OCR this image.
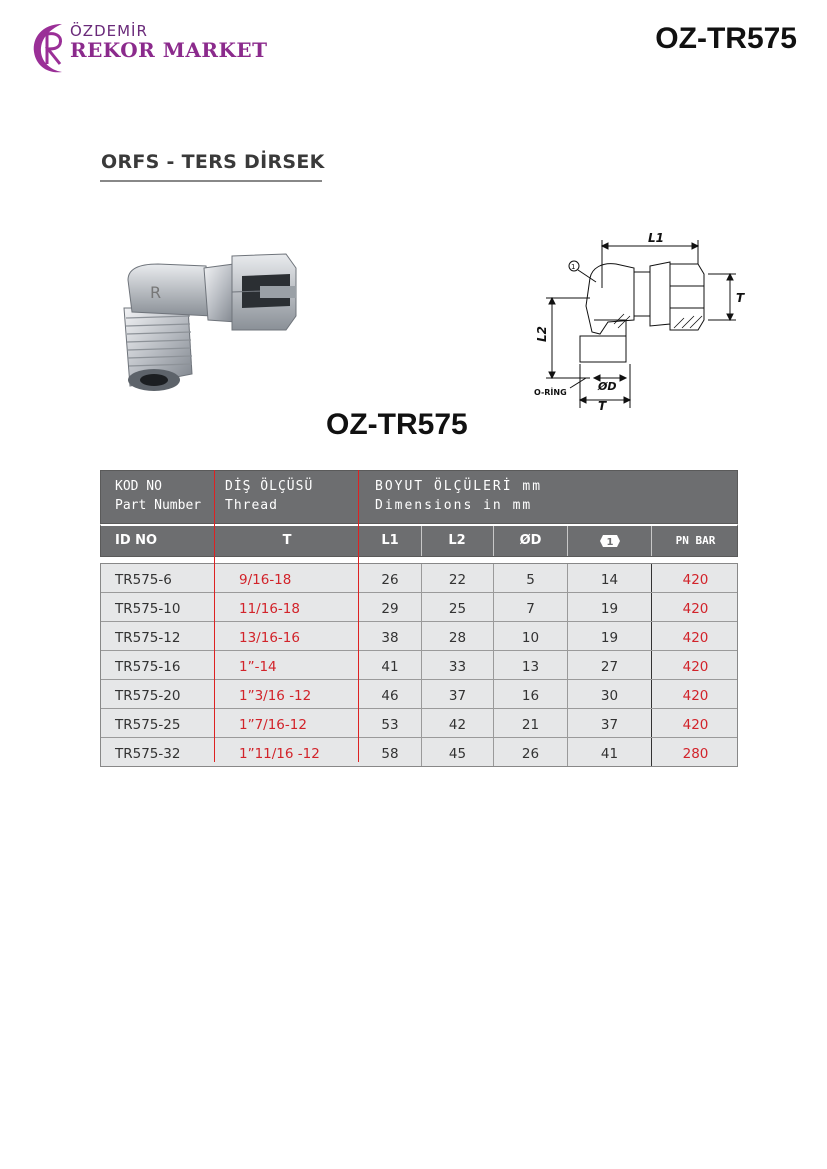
ÖZDEMİR
REKOR MARKET	OZ-TR575
ORFS - TERS DİRSEK
R
L1
T
L2
ØD
T
O-RİNG
1
OZ-TR575
KOD NO
Part Number
DİŞ ÖLÇÜSÜ
Thread
BOYUT ÖLÇÜLERİ mm
Dimensions in mm
ID NO	T	L1	L2	ØD	1	PN BAR
TR575-6	9/16-18	26	22	5	14	420
TR575-10	11/16-18	29	25	7	19	420
TR575-12	13/16-16	38	28	10	19	420
TR575-16	1”-14	41	33	13	27	420
TR575-20	1”3/16 -12	46	37	16	30	420
TR575-25	1”7/16-12	53	42	21	37	420
TR575-32	1”11/16 -12	58	45	26	41	280
